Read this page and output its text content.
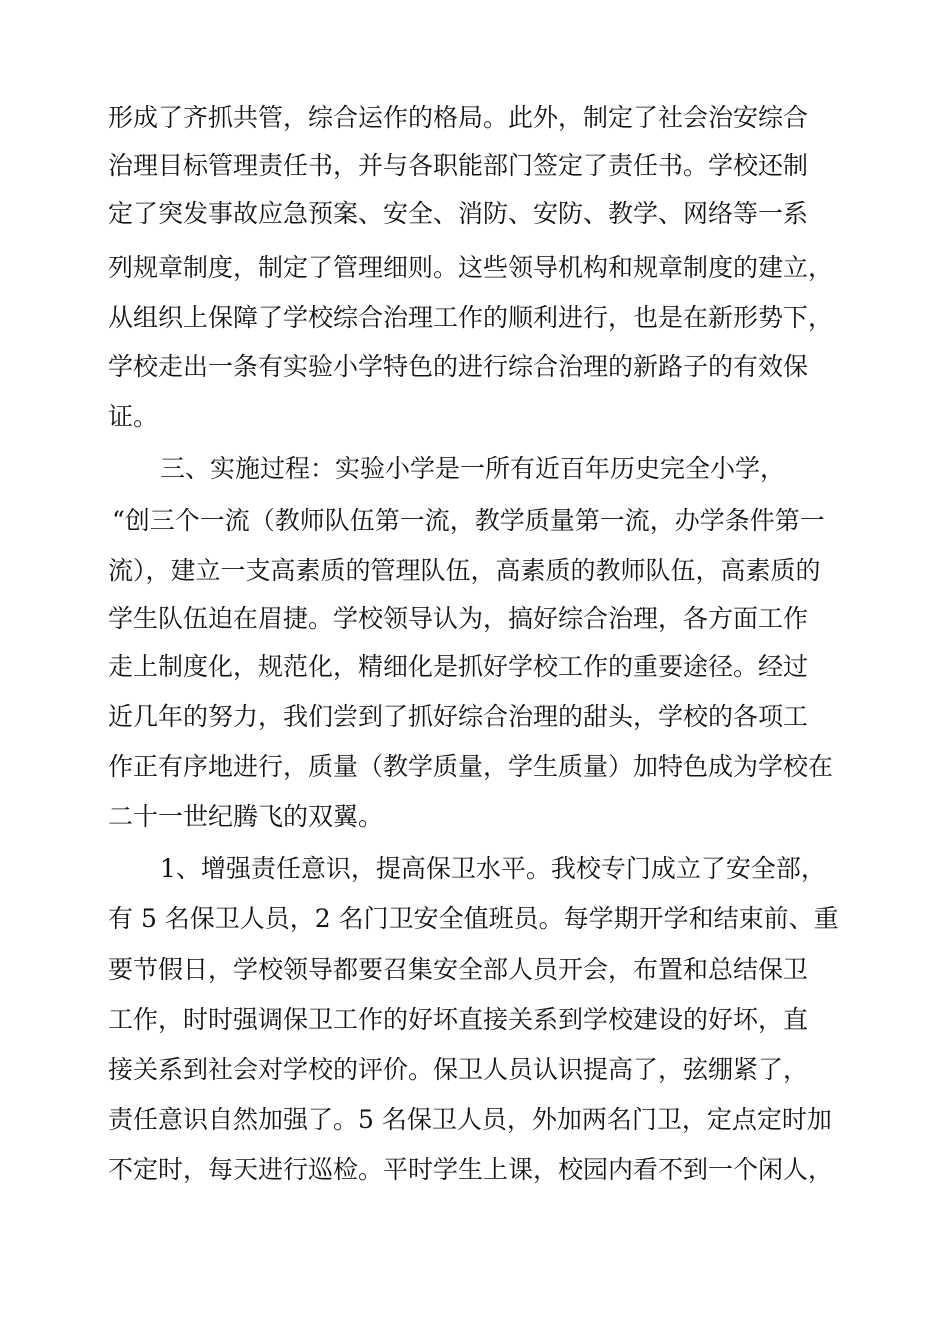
形成了齐抓共管，综合运作的格局。此外，制定了社会治安综合
治理目标管理责任书，并与各职能部门签定了责任书。学校还制
定了突发事故应急预案、安全、消防、安防、教学、网络等一系
列规章制度，制定了管理细则。这些领导机构和规章制度的建立，
从组织上保障了学校综合治理工作的顺利进行，也是在新形势下，
学校走出一条有实验小学特色的进行综合治理的新路子的有效保
证。
三、实施过程：实验小学是一所有近百年历史完全小学，
“创三个一流（教师队伍第一流，教学质量第一流，办学条件第一
流），建立一支高素质的管理队伍，高素质的教师队伍，高素质的
学生队伍迫在眉捷。学校领导认为，搞好综合治理，各方面工作
走上制度化，规范化，精细化是抓好学校工作的重要途径。经过
近几年的努力，我们尝到了抓好综合治理的甜头，学校的各项工
作正有序地进行，质量（教学质量，学生质量）加特色成为学校在
二十一世纪腾飞的双翼。
1、增强责任意识，提高保卫水平。我校专门成立了安全部，
有 5 名保卫人员，2 名门卫安全值班员。每学期开学和结束前、重
要节假日，学校领导都要召集安全部人员开会，布置和总结保卫
工作，时时强调保卫工作的好坏直接关系到学校建设的好坏，直
接关系到社会对学校的评价。保卫人员认识提高了，弦绷紧了，
责任意识自然加强了。5 名保卫人员，外加两名门卫，定点定时加
不定时，每天进行巡检。平时学生上课，校园内看不到一个闲人，
